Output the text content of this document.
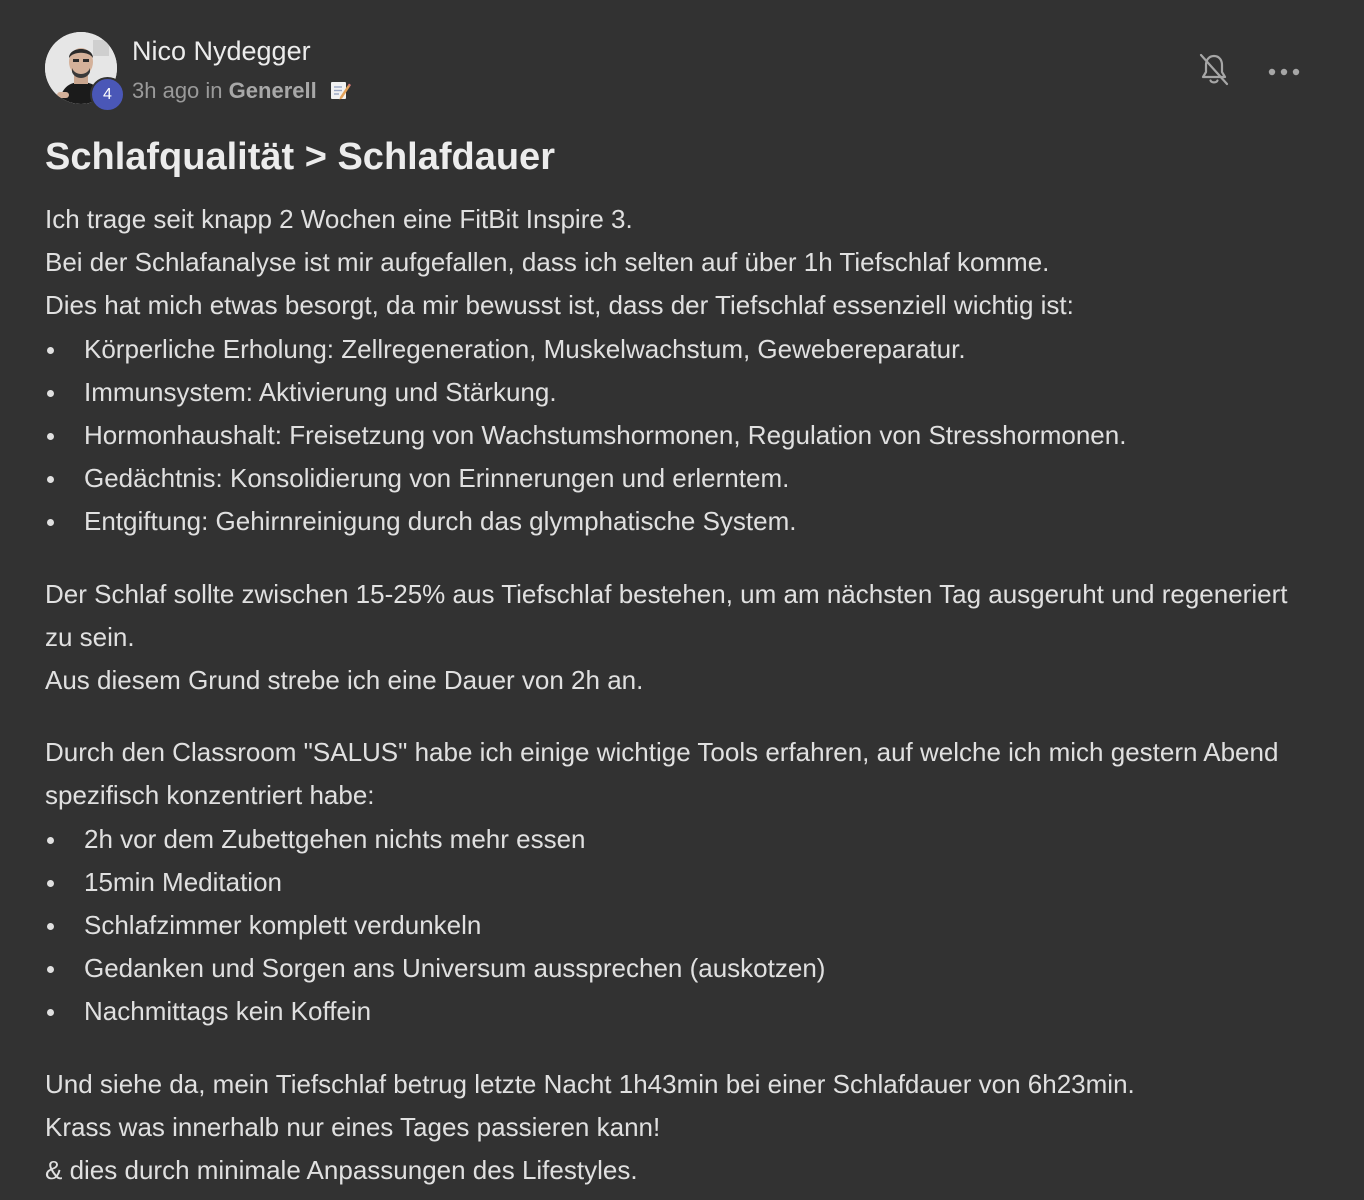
4
Nico Nydegger
3h ago in Generell
Schlafqualität > Schlafdauer

Ich trage seit knapp 2 Wochen eine FitBit Inspire 3.

Bei der Schlafanalyse ist mir aufgefallen, dass ich selten auf über 1h Tiefschlaf komme.

Dies hat mich etwas besorgt, da mir bewusst ist, dass der Tiefschlaf essenziell wichtig ist:

Körperliche Erholung: Zellregeneration, Muskelwachstum, Gewebereparatur.
Immunsystem: Aktivierung und Stärkung.
Hormonhaushalt: Freisetzung von Wachstumshormonen, Regulation von Stresshormonen.
Gedächtnis: Konsolidierung von Erinnerungen und erlerntem.
Entgiftung: Gehirnreinigung durch das glymphatische System.

Der Schlaf sollte zwischen 15-25% aus Tiefschlaf bestehen, um am nächsten Tag ausgeruht und regeneriert zu sein.

Aus diesem Grund strebe ich eine Dauer von 2h an.

Durch den Classroom "SALUS" habe ich einige wichtige Tools erfahren, auf welche ich mich gestern Abend spezifisch konzentriert habe:

2h vor dem Zubettgehen nichts mehr essen
15min Meditation
Schlafzimmer komplett verdunkeln
Gedanken und Sorgen ans Universum aussprechen (auskotzen)
Nachmittags kein Koffein

Und siehe da, mein Tiefschlaf betrug letzte Nacht 1h43min bei einer Schlafdauer von 6h23min.

Krass was innerhalb nur eines Tages passieren kann!

& dies durch minimale Anpassungen des Lifestyles.
